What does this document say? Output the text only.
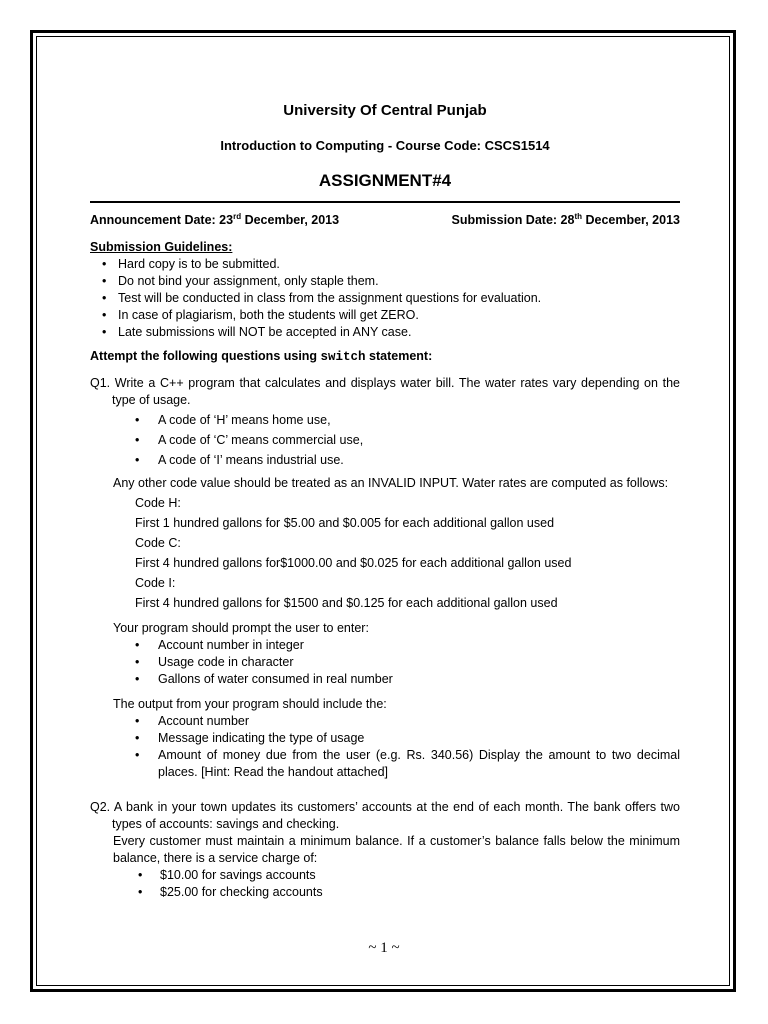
University Of Central Punjab
Introduction to Computing - Course Code: CSCS1514
ASSIGNMENT#4
Announcement Date: 23rd December, 2013	Submission Date: 28th December, 2013
Submission Guidelines:
• Hard copy is to be submitted.
• Do not bind your assignment, only staple them.
• Test will be conducted in class from the assignment questions for evaluation.
• In case of plagiarism, both the students will get ZERO.
• Late submissions will NOT be accepted in ANY case.
Attempt the following questions using switch statement:
Q1. Write a C++ program that calculates and displays water bill. The water rates vary depending on the type of usage.
• A code of ‘H’ means home use,
• A code of ‘C’ means commercial use,
• A code of ‘I’ means industrial use.
Any other code value should be treated as an INVALID INPUT. Water rates are computed as follows:
Code H:
First 1 hundred gallons for $5.00 and $0.005 for each additional gallon used
Code C:
First 4 hundred gallons for$1000.00 and $0.025 for each additional gallon used
Code I:
First 4 hundred gallons for $1500 and $0.125 for each additional gallon used
Your program should prompt the user to enter:
• Account number in integer
• Usage code in character
• Gallons of water consumed in real number
The output from your program should include the:
• Account number
• Message indicating the type of usage
• Amount of money due from the user (e.g. Rs. 340.56) Display the amount to two decimal places. [Hint: Read the handout attached]
Q2. A bank in your town updates its customers’ accounts at the end of each month. The bank offers two types of accounts: savings and checking.
Every customer must maintain a minimum balance. If a customer’s balance falls below the minimum balance, there is a service charge of:
• $10.00 for savings accounts
• $25.00 for checking accounts
~ 1 ~
